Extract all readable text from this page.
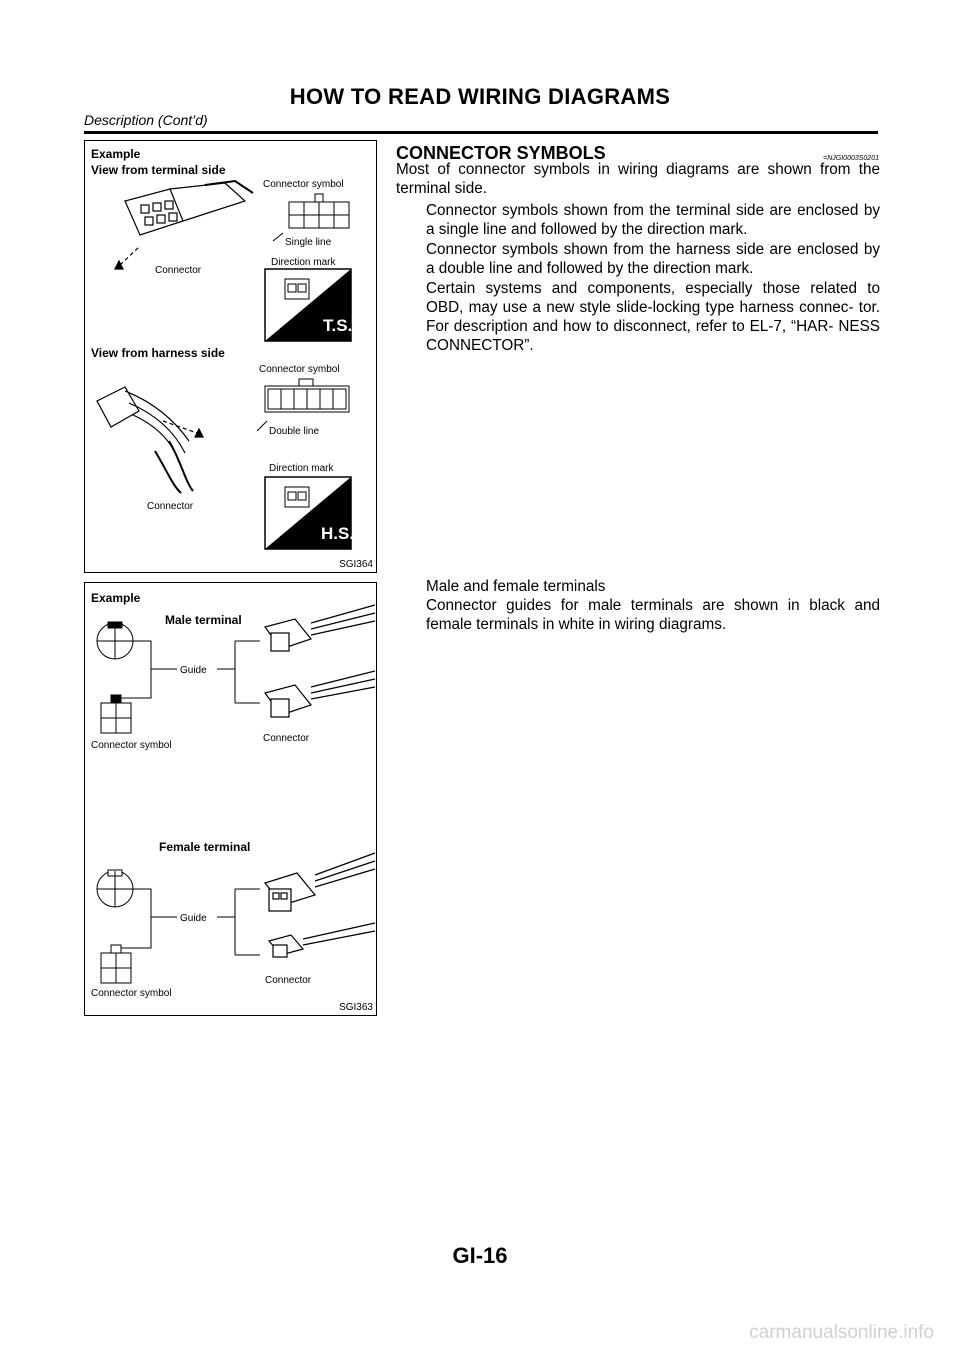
HOW TO READ WIRING DIAGRAMS
Description (Cont’d)
Example
View from terminal side
Connector
Connector symbol
Single line
Direction mark
T.S.
View from harness side
Connector
Connector symbol
Double line
Direction mark
H.S.
SGI364
Example
Male terminal
Guide
Connector symbol
Connector
Female terminal
Guide
Connector symbol
Connector
SGI363
CONNECTOR SYMBOLS	=NJGI0003S0201
Most of connector symbols in wiring diagrams are shown from the terminal side.
Connector symbols shown from the terminal side are enclosed by a single line and followed by the direction mark.
Connector symbols shown from the harness side are enclosed by a double line and followed by the direction mark.
Certain systems and components, especially those related to OBD, may use a new style slide-locking type harness connec- tor. For description and how to disconnect, refer to EL-7, “HAR- NESS CONNECTOR”.
Male and female terminals
Connector guides for male terminals are shown in black and female terminals in white in wiring diagrams.
GI-16
carmanualsonline.info
